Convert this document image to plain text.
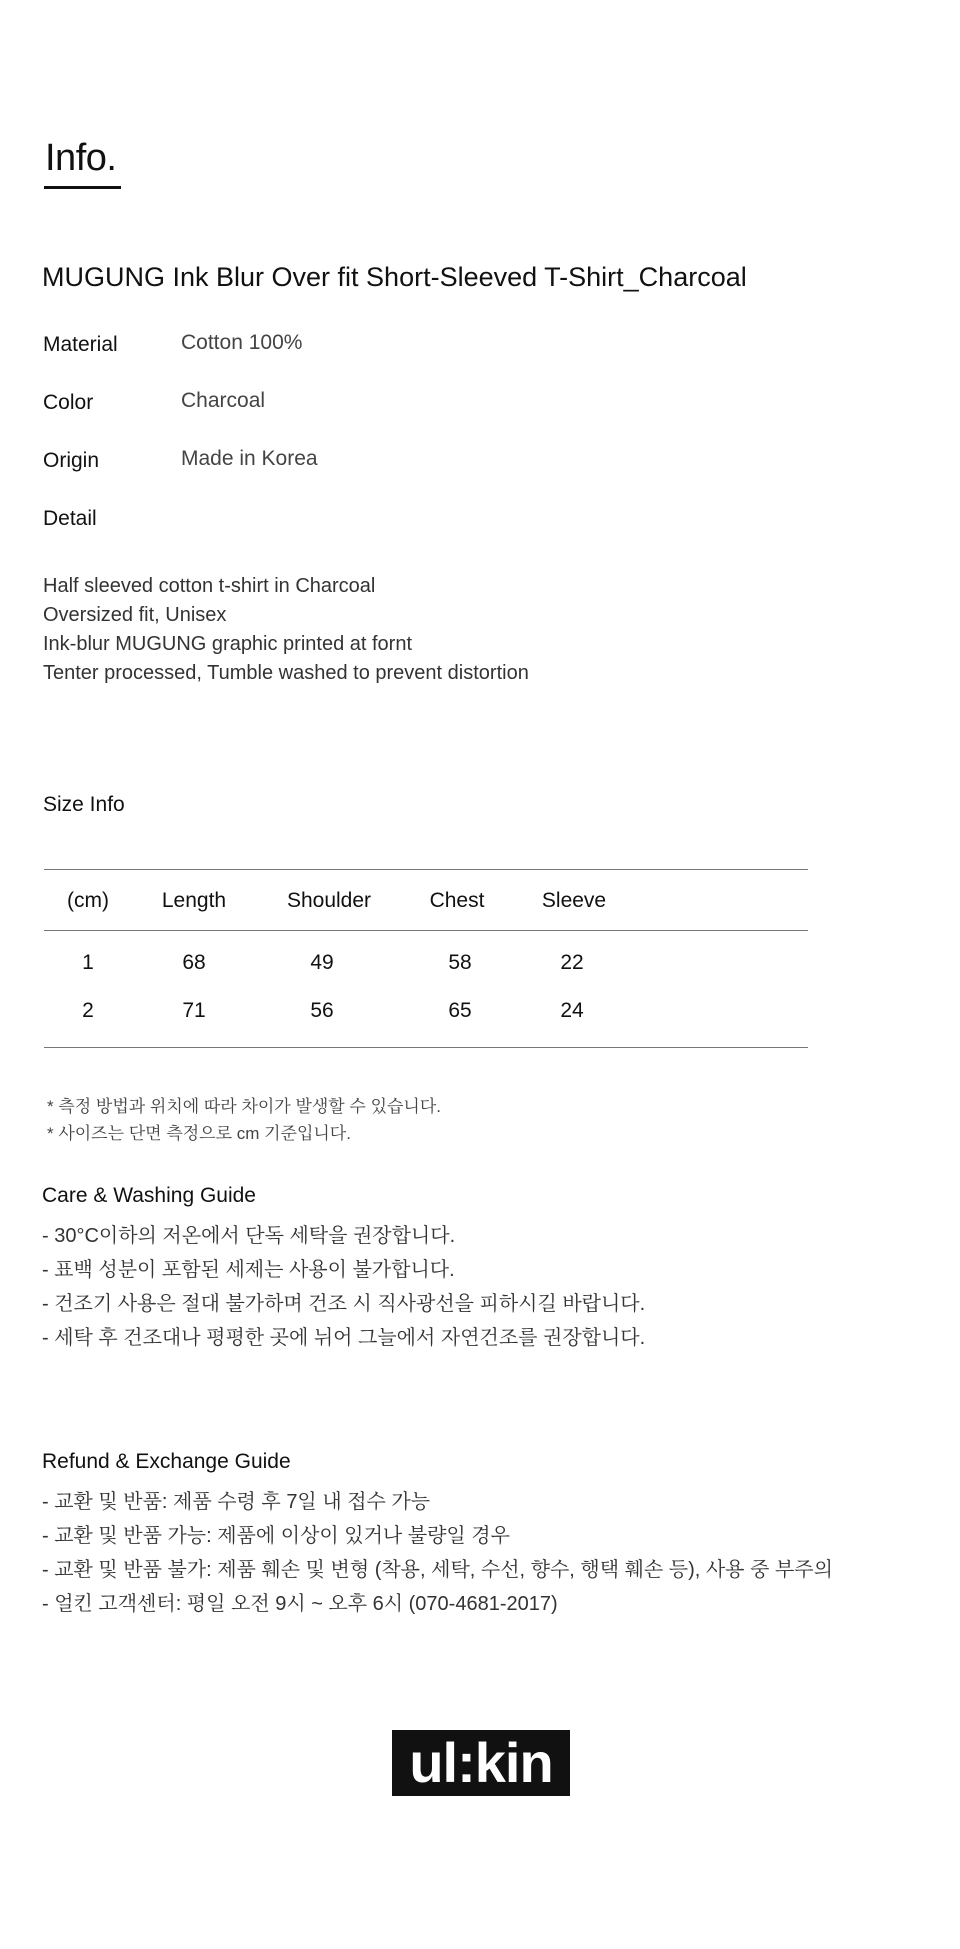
Info.
MUGUNG Ink Blur Over fit Short-Sleeved T-Shirt_Charcoal
Material	Cotton 100%
Color	Charcoal
Origin	Made in Korea
Detail
Half sleeved cotton t-shirt in Charcoal
Oversized fit, Unisex
Ink-blur MUGUNG graphic printed at fornt
Tenter processed, Tumble washed to prevent distortion
Size Info
(cm)	Length	Shoulder	Chest	Sleeve
1	68	49	58	22
2	71	56	65	24
* 측정 방법과 위치에 따라 차이가 발생할 수 있습니다.
* 사이즈는 단면 측정으로 cm 기준입니다.
Care & Washing Guide
- 30°C이하의 저온에서 단독 세탁을 권장합니다.
- 표백 성분이 포함된 세제는 사용이 불가합니다.
- 건조기 사용은 절대 불가하며 건조 시 직사광선을 피하시길 바랍니다.
- 세탁 후 건조대나 평평한 곳에 뉘어 그늘에서 자연건조를 권장합니다.
Refund & Exchange Guide
- 교환 및 반품: 제품 수령 후 7일 내 접수 가능
- 교환 및 반품 가능: 제품에 이상이 있거나 불량일 경우
- 교환 및 반품 불가: 제품 훼손 및 변형 (착용, 세탁, 수선, 향수, 행택 훼손 등), 사용 중 부주의
- 얼킨 고객센터: 평일 오전 9시 ~ 오후 6시 (070-4681-2017)
ul:kin
